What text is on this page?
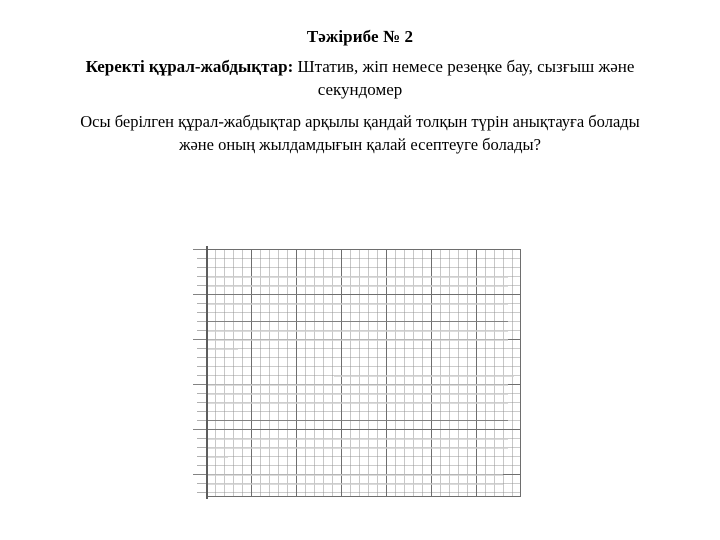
Тәжірибе № 2

Керекті құрал-жабдықтар: Штатив, жіп немесе резеңке бау, сызғыш және секундомер

Осы берілген құрал-жабдықтар арқылы қандай толқын түрін анықтауға болады және оның жылдамдығын қалай есептеуге болады?
